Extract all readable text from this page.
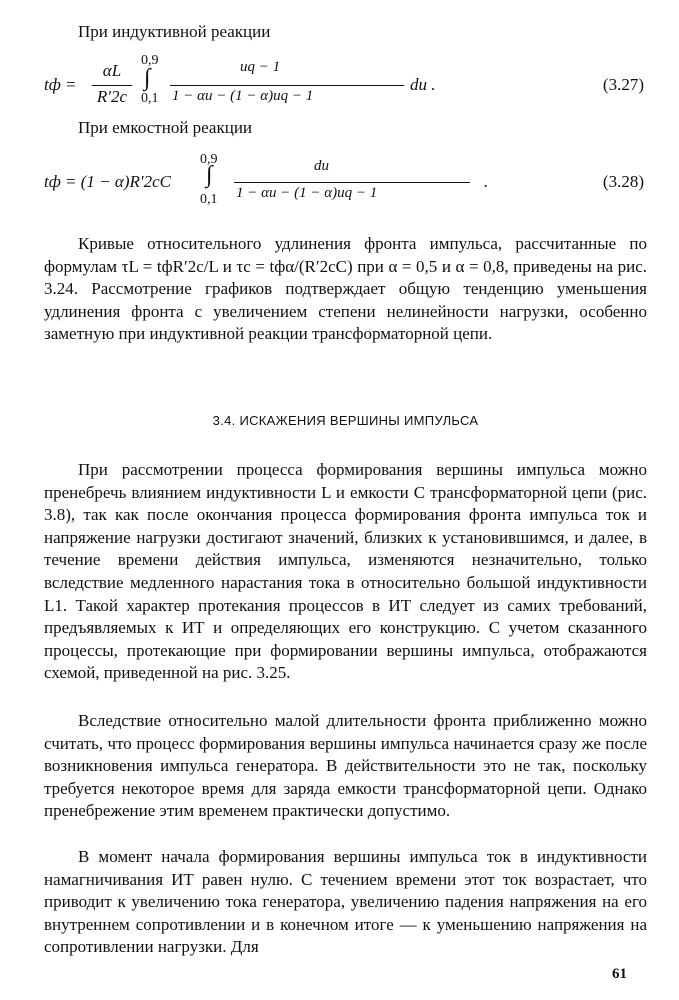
При индуктивной реакции
tф =
αL
R′2c
0,9
∫
0,1
uq − 1
1 − αu − (1 − α)uq − 1
du .	(3.27)
При емкостной реакции
tф = (1 − α)R′2cC
0,9
∫
0,1
du
1 − αu − (1 − α)uq − 1
.	(3.28)

Кривые относительного удлинения фронта импульса, рассчитанные по формулам τL = tфR′2c/L и τc = tфα/(R′2cC) при α = 0,5 и α = 0,8, приведены на рис. 3.24. Рассмотрение графиков подтверждает общую тенденцию уменьшения удлинения фронта с увеличением степени нелинейности нагрузки, особенно заметную при индуктивной реакции трансформаторной цепи.

3.4. ИСКАЖЕНИЯ ВЕРШИНЫ ИМПУЛЬСА

При рассмотрении процесса формирования вершины импульса можно пренебречь влиянием индуктивности L и емкости C трансформаторной цепи (рис. 3.8), так как после окончания процесса формирования фронта импульса ток и напряжение нагрузки достигают значений, близких к установившимся, и далее, в течение времени действия импульса, изменяются незначительно, только вследствие медленного нарастания тока в относительно большой индуктивности L1. Такой характер протекания процессов в ИТ следует из самих требований, предъявляемых к ИТ и определяющих его конструкцию. С учетом сказанного процессы, протекающие при формировании вершины импульса, отображаются схемой, приведенной на рис. 3.25.

Вследствие относительно малой длительности фронта приближенно можно считать, что процесс формирования вершины импульса начинается сразу же после возникновения импульса генератора. В действительности это не так, поскольку требуется некоторое время для заряда емкости трансформаторной цепи. Однако пренебрежение этим временем практически допустимо.

В момент начала формирования вершины импульса ток в индуктивности намагничивания ИТ равен нулю. С течением времени этот ток возрастает, что приводит к увеличению тока генератора, увеличению падения напряжения на его внутреннем сопротивлении и в конечном итоге — к уменьшению напряжения на сопротивлении нагрузки. Для

61
